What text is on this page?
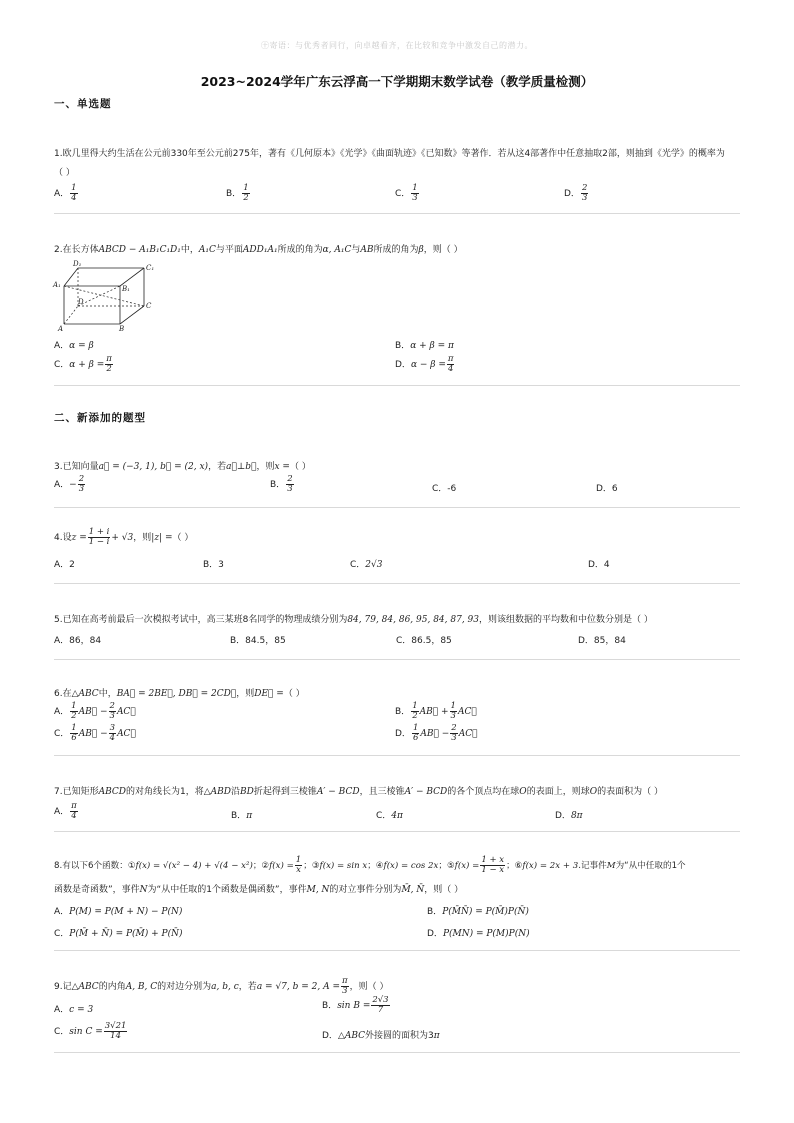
㊉寄语：与优秀者同行，向卓越看齐，在比较和竞争中激发自己的潜力。
2023~2024学年广东云浮高一下学期期末数学试卷（教学质量检测）
一、单选题
1.欧几里得大约生活在公元前330年至公元前275年，著有《几何原本》《光学》《曲面轨迹》《已知数》等著作．若从这4部著作中任意抽取2部，则抽到《光学》的概率为
（ ）
A． $\frac{1}{4}$	B． $\frac{1}{2}$	C． $\frac{1}{3}$	D． $\frac{2}{3}$
2.在长方体ABCD − A₁B₁C₁D₁中，A₁C与平面ADD₁A₁所成的角为α, A₁C与AB所成的角为β，则（ ）
D₁	C₁
A₁	B₁
D	C
A	B
A．α = β	B．α + β = π
C．$\alpha + \beta = \frac{\pi}{2}$	D．$\alpha - \beta = \frac{\pi}{4}$
二、新添加的题型
3.已知向量a⃗ = (−3, 1), b⃗ = (2, x)，若a⃗⊥b⃗，则x =（ ）
A．− $\frac{2}{3}$	B． $\frac{2}{3}$	C．-6	D．6
4.设$z = \frac{1 + i}{1 - i} + √3$，则|z| =（ ）
A．2	B．3	C．2√3	D．4
5.已知在高考前最后一次模拟考试中，高三某班8名同学的物理成绩分别为84, 79, 84, 86, 95, 84, 87, 93，则该组数据的平均数和中位数分别是（ ）
A．86，84	B．84.5，85	C．86.5，85	D．85，84
6.在△ABC中，BA⃗ = 2BE⃗, DB⃗ = 2CD⃗，则DE⃗ =（ ）
A． $\frac{1}{2}$ AB⃗ − $\frac{2}{3}$ AC⃗	B． $\frac{1}{2}$ AB⃗ + $\frac{1}{3}$ AC⃗
C． $\frac{1}{6}$ AB⃗ − $\frac{3}{4}$ AC⃗	D． $\frac{1}{6}$ AB⃗ − $\frac{2}{3}$ AC⃗
7.已知矩形ABCD的对角线长为1，将△ABD沿BD折起得到三棱锥A′ − BCD，且三棱锥A′ − BCD的各个顶点均在球O的表面上，则球O的表面积为（ ）
A． $\frac{\pi}{4}$	B．π	C．4π	D．8π
8.有以下6个函数：①f(x) = √(x² − 4) + √(4 − x²)；②f(x) = $\frac{1}{x}$ ；③f(x) = sin x；④f(x) = cos 2x；⑤f(x) = $\frac{1 + x}{1 - x}$ ；⑥f(x) = 2x + 3.记事件M为“从中任取的1个
函数是奇函数”，事件N为“从中任取的1个函数是偶函数”，事件M, N的对立事件分别为M̄, N̄，则（ ）
A．P(M) = P(M + N) − P(N)	B．P(M̄N̄) = P(M̄)P(N̄)
C．P(M̄ + N̄) = P(M̄) + P(N̄)	D．P(MN) = P(M)P(N)
9.记△ABC的内角A, B, C的对边分别为a, b, c，若a = √7, b = 2, $A = \frac{\pi}{3}$ ，则（ ）
A．c = 3	B．$\sin B = \frac{2√3}{7}$
C．$\sin C = \frac{3√21}{14}$	D．△ABC外接圆的面积为3π
